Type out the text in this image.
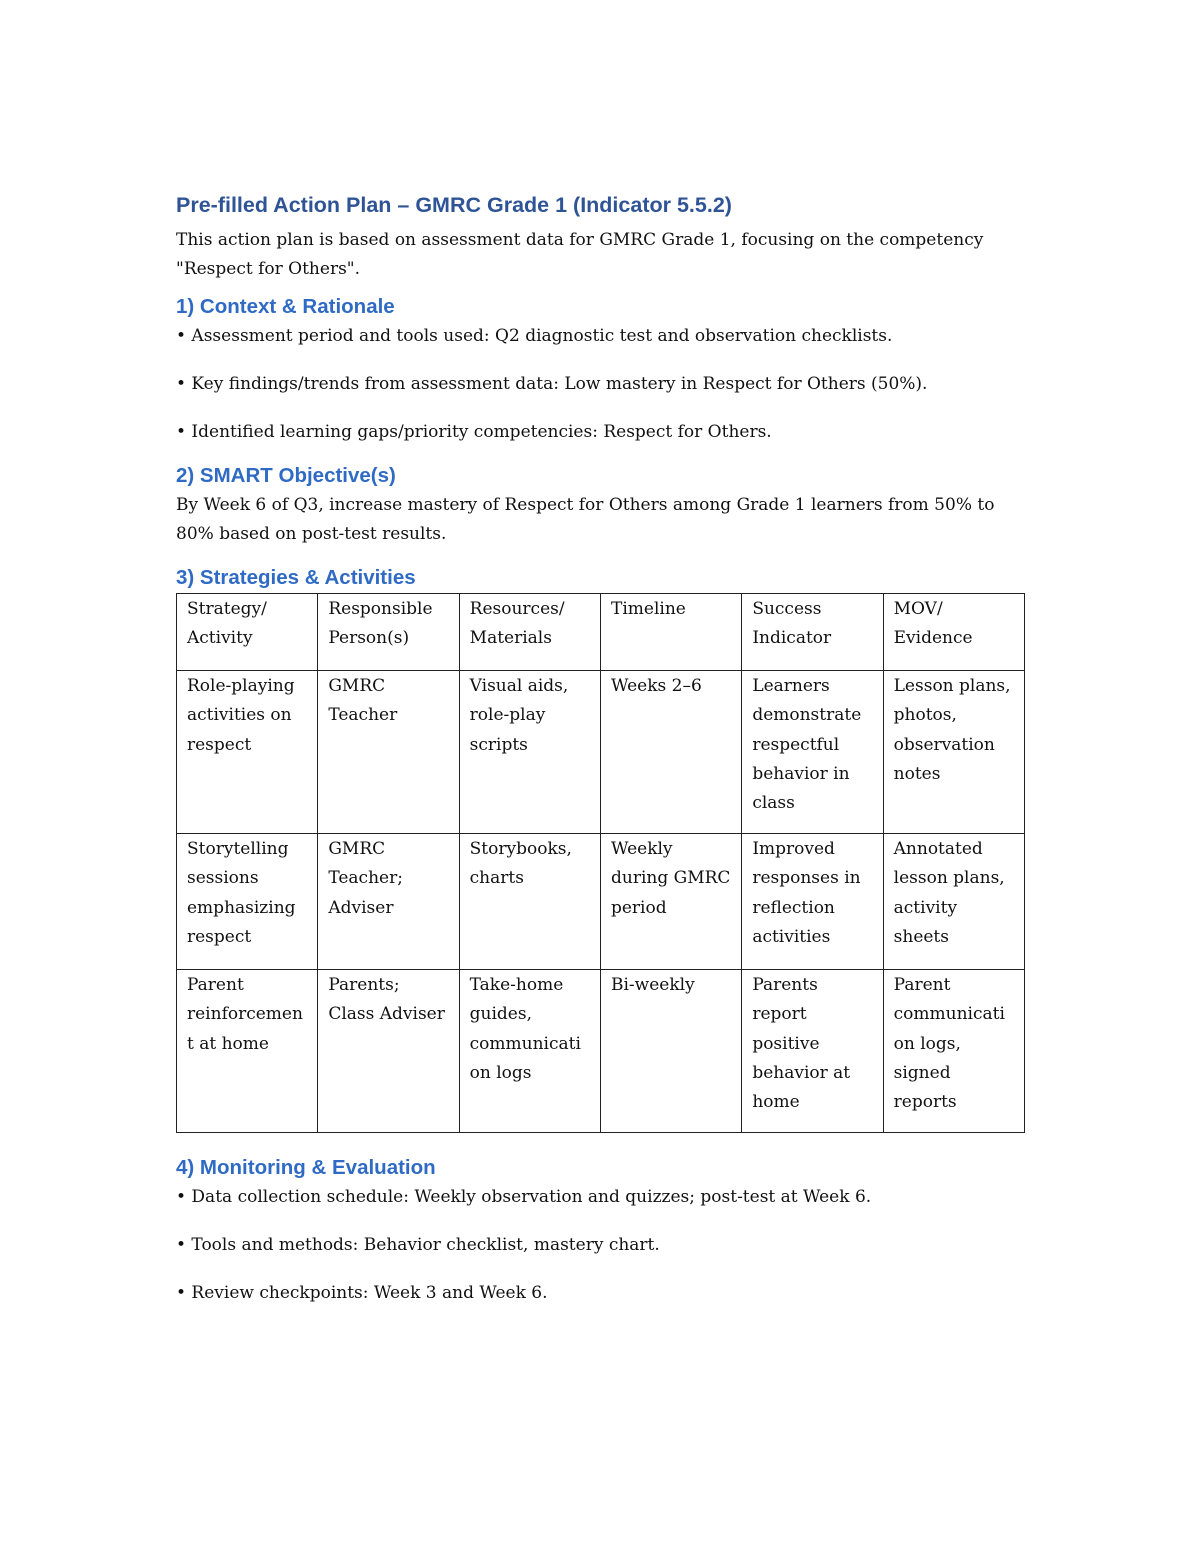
Pre-filled Action Plan – GMRC Grade 1 (Indicator 5.5.2)

This action plan is based on assessment data for GMRC Grade 1, focusing on the competency "Respect for Others".

1) Context & Rationale

• Assessment period and tools used: Q2 diagnostic test and observation checklists.

• Key findings/trends from assessment data: Low mastery in Respect for Others (50%).

• Identified learning gaps/priority competencies: Respect for Others.

2) SMART Objective(s)

By Week 6 of Q3, increase mastery of Respect for Others among Grade 1 learners from 50% to 80% based on post-test results.

3) Strategies & Activities
Strategy/ Activity	Responsible Person(s)	Resources/ Materials	Timeline	Success Indicator	MOV/ Evidence
Role-playing activities on respect	GMRC Teacher	Visual aids, role-play scripts	Weeks 2–6	Learners demonstrate respectful behavior in class	Lesson plans, photos, observation notes
Storytelling sessions emphasizing respect	GMRC Teacher; Adviser	Storybooks, charts	Weekly during GMRC period	Improved responses in reflection activities	Annotated lesson plans, activity sheets
Parent reinforcement at home	Parents; Class Adviser	Take-home guides, communication logs	Bi-weekly	Parents report positive behavior at home	Parent communication logs, signed reports
4) Monitoring & Evaluation

• Data collection schedule: Weekly observation and quizzes; post-test at Week 6.

• Tools and methods: Behavior checklist, mastery chart.

• Review checkpoints: Week 3 and Week 6.
